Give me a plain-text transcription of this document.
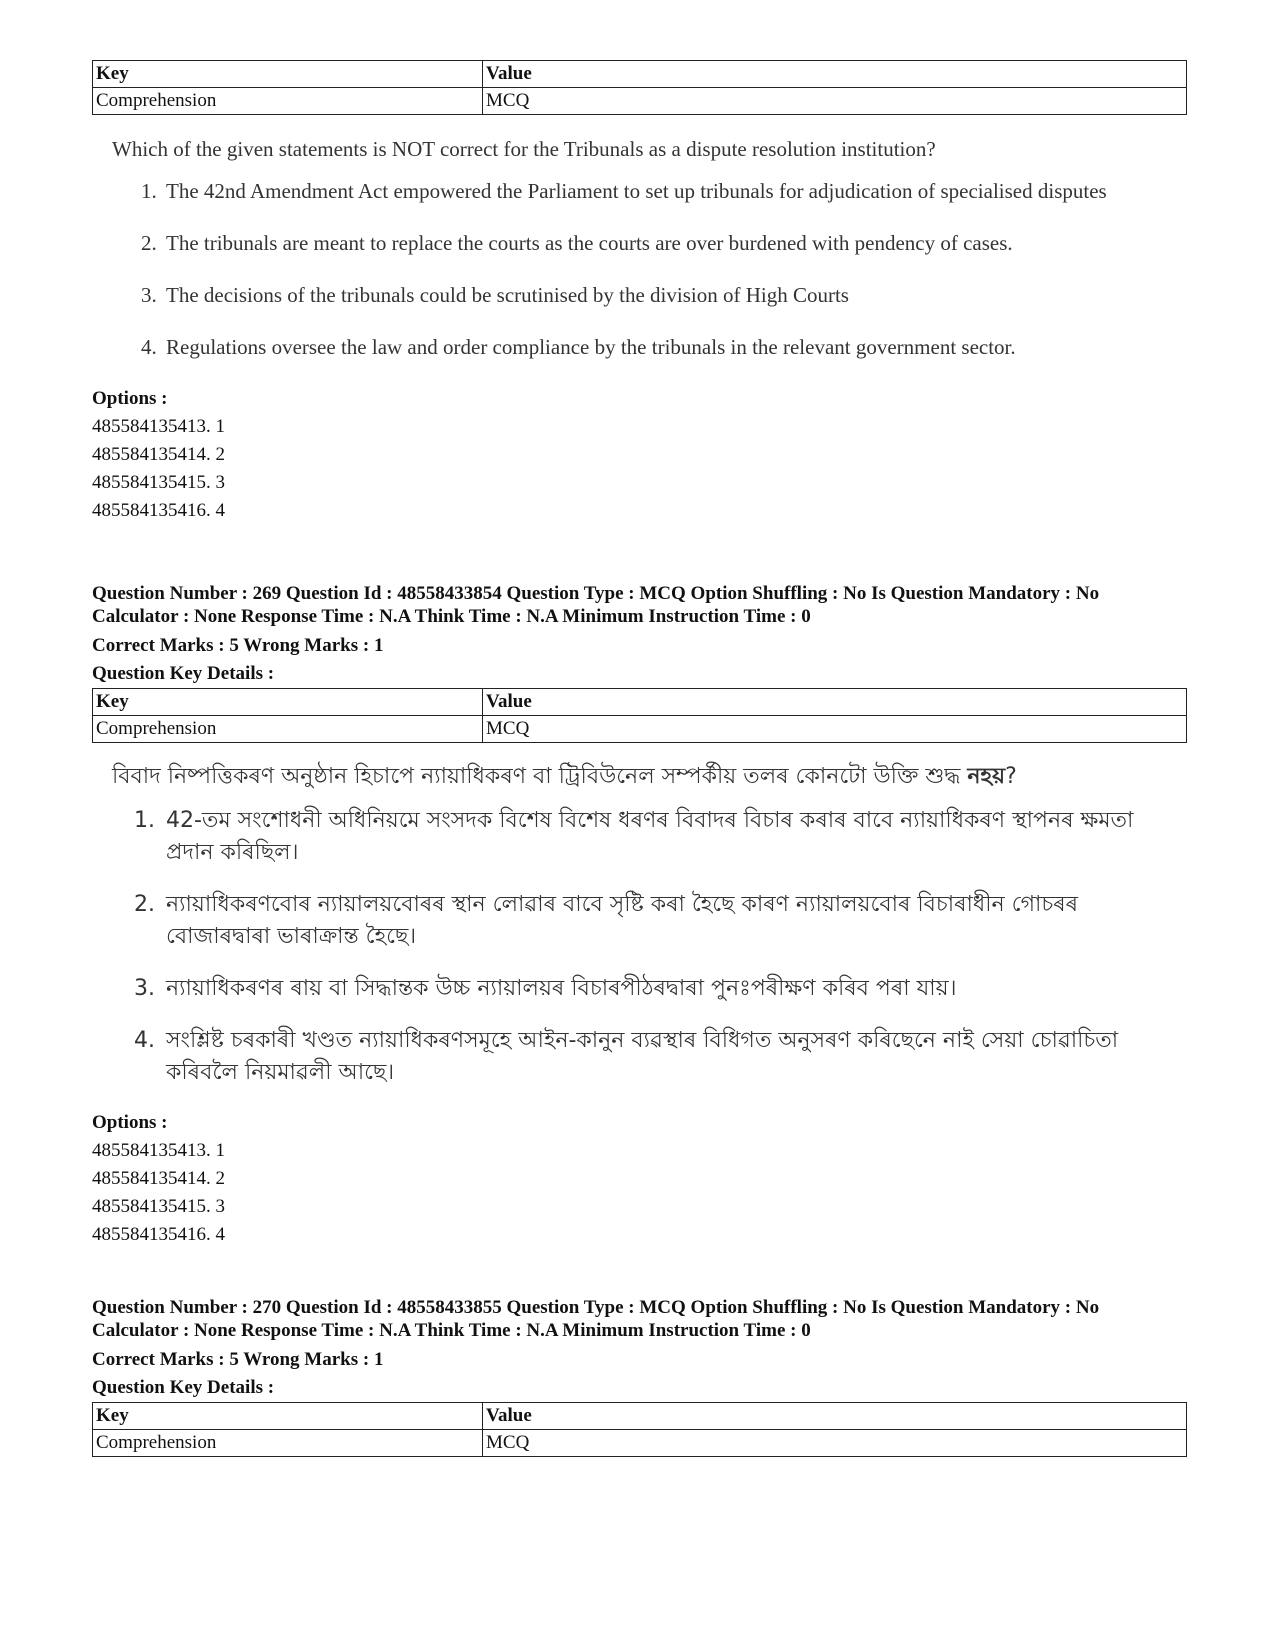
Key	Value
Comprehension	MCQ
Which of the given statements is NOT correct for the Tribunals as a dispute resolution institution?
1. The 42nd Amendment Act empowered the Parliament to set up tribunals for adjudication of specialised disputes
2. The tribunals are meant to replace the courts as the courts are over burdened with pendency of cases.
3. The decisions of the tribunals could be scrutinised by the division of High Courts
4. Regulations oversee the law and order compliance by the tribunals in the relevant government sector.
Options :
485584135413. 1
485584135414. 2
485584135415. 3
485584135416. 4
Question Number : 269 Question Id : 48558433854 Question Type : MCQ Option Shuffling : No Is Question Mandatory : No Calculator : None Response Time : N.A Think Time : N.A Minimum Instruction Time : 0
Correct Marks : 5 Wrong Marks : 1
Question Key Details :
Key	Value
Comprehension	MCQ
বিবাদ নিষ্পত্তিকৰণ অনুষ্ঠান হিচাপে ন্যায়াধিকৰণ বা ট্ৰিবিউনেল সম্পৰ্কীয় তলৰ কোনটো উক্তি শুদ্ধ নহয়?
1. 42-তম সংশোধনী অধিনিয়মে সংসদক বিশেষ বিশেষ ধৰণৰ বিবাদৰ বিচাৰ কৰাৰ বাবে ন্যায়াধিকৰণ স্থাপনৰ ক্ষমতা প্ৰদান কৰিছিল।
2. ন্যায়াধিকৰণবোৰ ন্যায়ালয়বোৰৰ স্থান লোৱাৰ বাবে সৃষ্টি কৰা হৈছে কাৰণ ন্যায়ালয়বোৰ বিচাৰাধীন গোচৰৰ বোজাৰদ্বাৰা ভাৰাক্ৰান্ত হৈছে।
3. ন্যায়াধিকৰণৰ ৰায় বা সিদ্ধান্তক উচ্চ ন্যায়ালয়ৰ বিচাৰপীঠৰদ্বাৰা পুনঃপৰীক্ষণ কৰিব পৰা যায়।
4. সংশ্লিষ্ট চৰকাৰী খণ্ডত ন্যায়াধিকৰণসমূহে আইন-কানুন ব্যৱস্থাৰ বিধিগত অনুসৰণ কৰিছেনে নাই সেয়া চোৱাচিতা কৰিবলৈ নিয়মাৱলী আছে।
Options :
485584135413. 1
485584135414. 2
485584135415. 3
485584135416. 4
Question Number : 270 Question Id : 48558433855 Question Type : MCQ Option Shuffling : No Is Question Mandatory : No Calculator : None Response Time : N.A Think Time : N.A Minimum Instruction Time : 0
Correct Marks : 5 Wrong Marks : 1
Question Key Details :
Key	Value
Comprehension	MCQ
